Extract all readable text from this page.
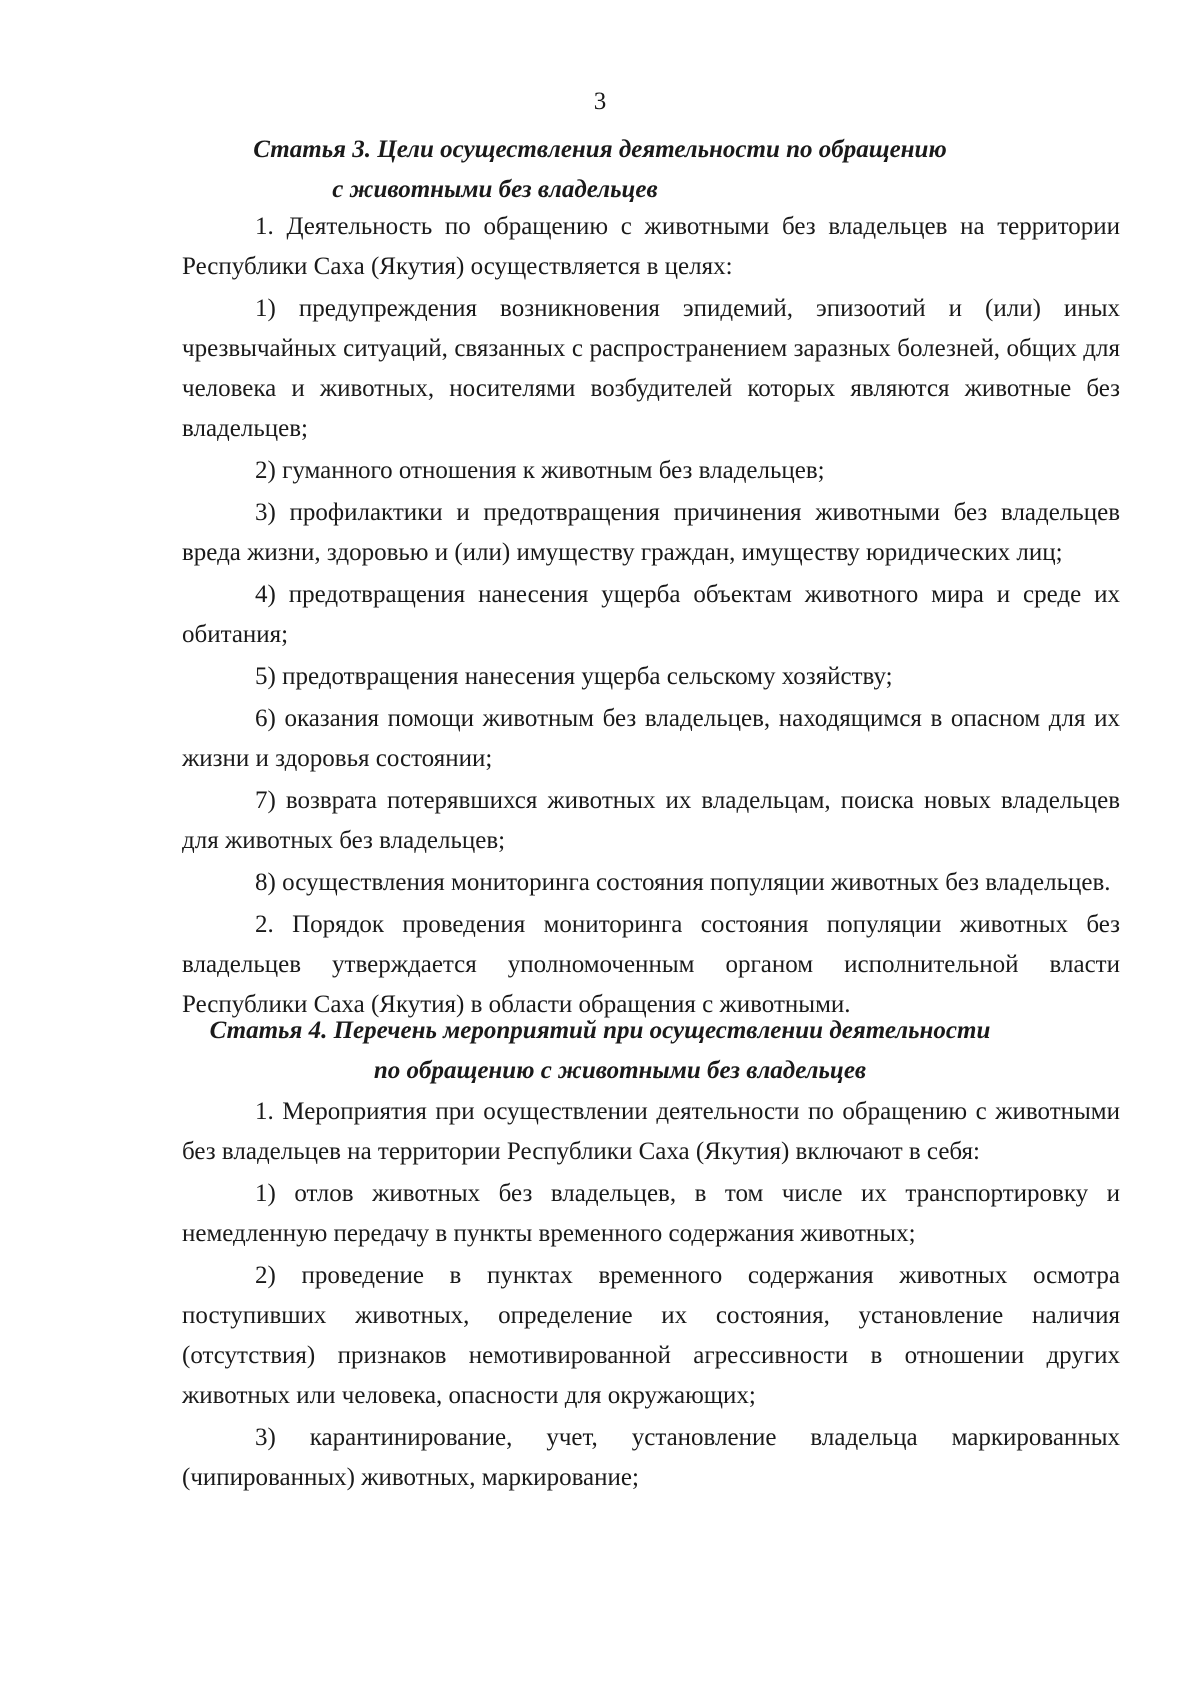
3
Статья 3. Цели осуществления деятельности по обращению
с животными без владельцев

1. Деятельность по обращению с животными без владельцев на территории Республики Саха (Якутия) осуществляется в целях:

1) предупреждения возникновения эпидемий, эпизоотий и (или) иных чрезвычайных ситуаций, связанных с распространением заразных болезней, общих для человека и животных, носителями возбудителей которых являются животные без владельцев;

2) гуманного отношения к животным без владельцев;

3) профилактики и предотвращения причинения животными без владельцев вреда жизни, здоровью и (или) имуществу граждан, имуществу юридических лиц;

4) предотвращения нанесения ущерба объектам животного мира и среде их обитания;

5) предотвращения нанесения ущерба сельскому хозяйству;

6) оказания помощи животным без владельцев, находящимся в опасном для их жизни и здоровья состоянии;

7) возврата потерявшихся животных их владельцам, поиска новых владельцев для животных без владельцев;

8) осуществления мониторинга состояния популяции животных без владельцев.

2. Порядок проведения мониторинга состояния популяции животных без владельцев утверждается уполномоченным органом исполнительной власти Республики Саха (Якутия) в области обращения с животными.

Статья 4. Перечень мероприятий при осуществлении деятельности
по обращению с животными без владельцев

1. Мероприятия при осуществлении деятельности по обращению с животными без владельцев на территории Республики Саха (Якутия) включают в себя:

1) отлов животных без владельцев, в том числе их транспортировку и немедленную передачу в пункты временного содержания животных;

2) проведение в пунктах временного содержания животных осмотра поступивших животных, определение их состояния, установление наличия (отсутствия) признаков немотивированной агрессивности в отношении других животных или человека, опасности для окружающих;

3) карантинирование, учет, установление владельца маркированных (чипированных) животных, маркирование;
